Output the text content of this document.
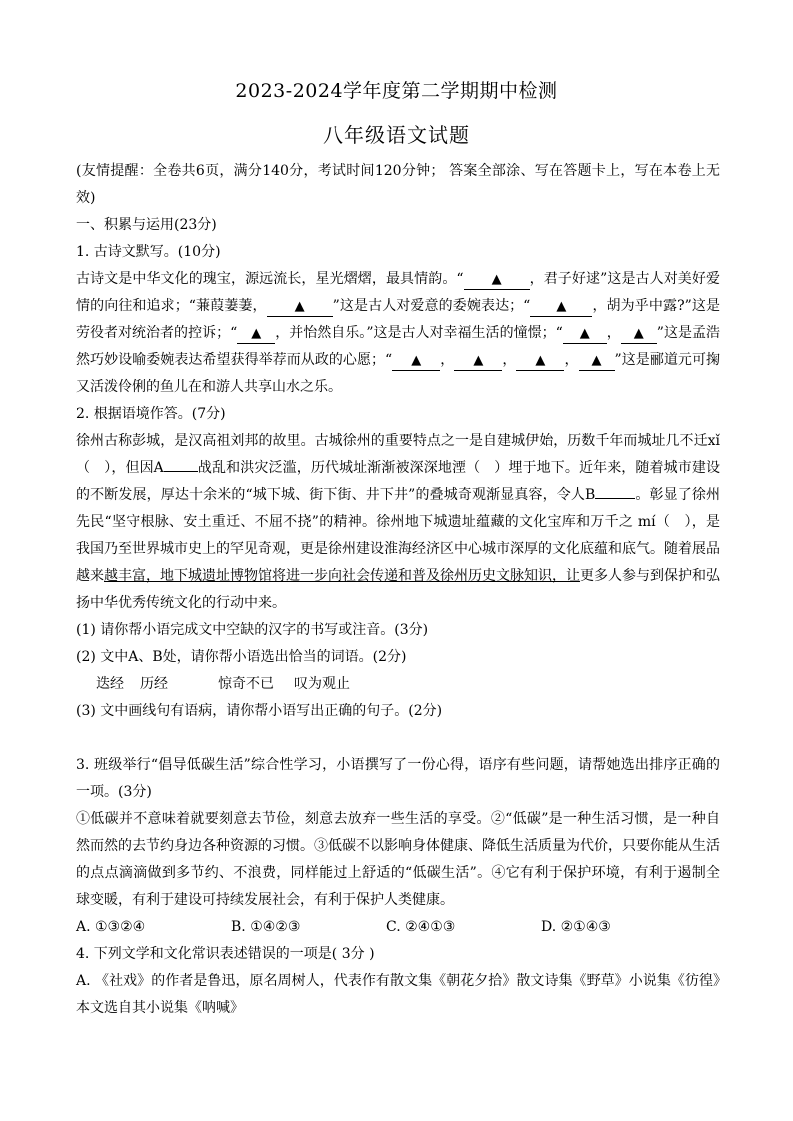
2023-2024学年度第二学期期中检测
八年级语文试题

(友情提醒：全卷共6页，满分140分，考试时间120分钟； 答案全部涂、写在答题卡上，写在本卷上无效)

一、积累与运用(23分)

1. 古诗文默写。(10分)

古诗文是中华文化的瑰宝，源远流长，星光熠熠，最具情韵。“ ▲ ，君子好逑”这是古人对美好爱情的向往和追求；“蒹葭萋萋， ▲ ”这是古人对爱意的委婉表达；“ ▲ ，胡为乎中露?”这是劳役者对统治者的控诉；“ ▲ ，并怡然自乐。”这是古人对幸福生活的憧憬；“ ▲ ， ▲ ”这是孟浩然巧妙设喻委婉表达希望获得举荐而从政的心愿；“ ▲ ， ▲ ， ▲ ， ▲ ”这是郦道元可掬又活泼伶俐的鱼儿在和游人共享山水之乐。

2. 根据语境作答。(7分)

徐州古称彭城，是汉高祖刘邦的故里。古城徐州的重要特点之一是自建城伊始，历数千年而城址几不迁xǐ（　），但因A 战乱和洪灾泛滥，历代城址渐渐被深深地湮（　）埋于地下。近年来，随着城市建设的不断发展，厚达十余米的“城下城、街下街、井下井”的叠城奇观渐显真容，令人B	。彰显了徐州先民“坚守根脉、安土重迁、不屈不挠”的精神。徐州地下城遗址蕴藏的文化宝库和万千之 mí（　），是我国乃至世界城市史上的罕见奇观，更是徐州建设淮海经济区中心城市深厚的文化底蕴和底气。随着展品越来越丰富，地下城遗址博物馆将进一步向社会传递和普及徐州历史文脉知识，让更多人参与到保护和弘扬中华优秀传统文化的行动中来。

(1) 请你帮小语完成文中空缺的汉字的书写或注音。(3分)

(2) 文中A、B处，请你帮小语选出恰当的词语。(2分)

迭经 历经	惊奇不已 叹为观止

(3) 文中画线句有语病，请你帮小语写出正确的句子。(2分)

3. 班级举行“倡导低碳生活”综合性学习，小语撰写了一份心得，语序有些问题，请帮她选出排序正确的一项。(3分)

①低碳并不意味着就要刻意去节俭，刻意去放弃一些生活的享受。②“低碳”是一种生活习惯，是一种自然而然的去节约身边各种资源的习惯。③低碳不以影响身体健康、降低生活质量为代价，只要你能从生活的点点滴滴做到多节约、不浪费，同样能过上舒适的“低碳生活”。④它有利于保护环境，有利于遏制全球变暖，有利于建设可持续发展社会，有利于保护人类健康。

A. ①③②④	B. ①④②③	C. ②④①③	D. ②①④③

4. 下列文学和文化常识表述错误的一项是( 3分 )

A. 《社戏》的作者是鲁迅，原名周树人，代表作有散文集《朝花夕拾》散文诗集《野草》小说集《彷徨》本文选自其小说集《呐喊》
